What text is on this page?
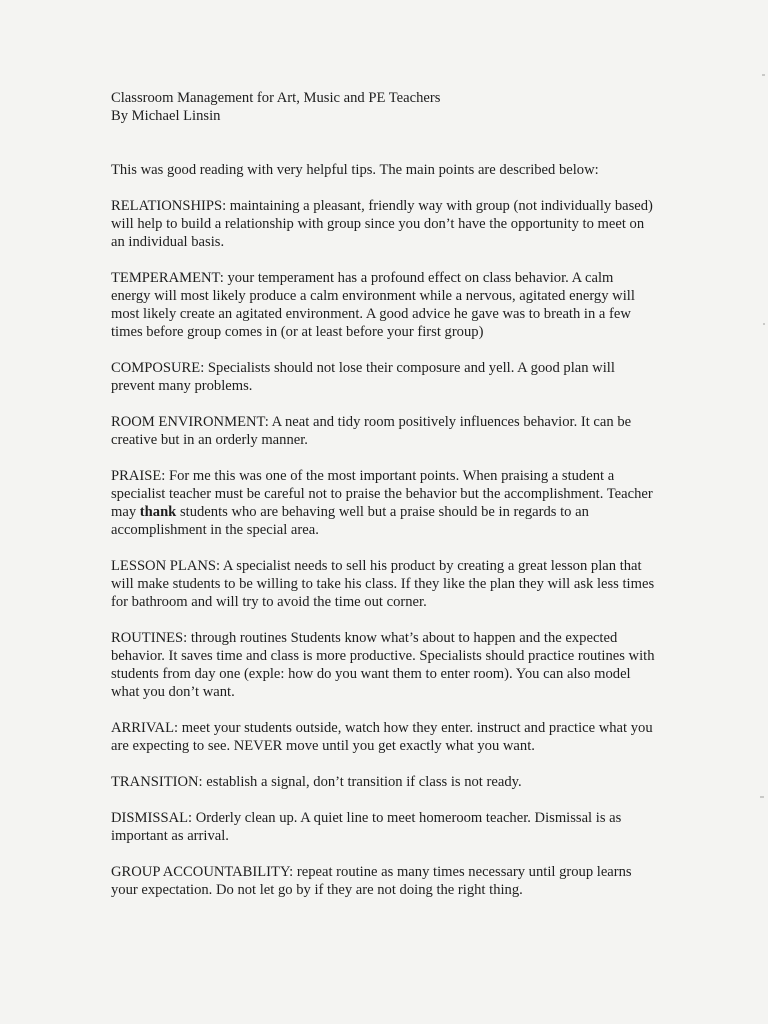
Classroom Management for Art, Music and PE Teachers

By Michael Linsin

This was good reading with very helpful tips. The main points are described below:

RELATIONSHIPS: maintaining a pleasant, friendly way with group (not individually based) will help to build a relationship with group since you don’t have the opportunity to meet on an individual basis.

TEMPERAMENT: your temperament has a profound effect on class behavior. A calm energy will most likely produce a calm environment while a nervous, agitated energy will most likely create an agitated environment. A good advice he gave was to breath in a few times before group comes in (or at least before your first group)

COMPOSURE: Specialists should not lose their composure and yell. A good plan will prevent many problems.

ROOM ENVIRONMENT: A neat and tidy room positively influences behavior. It can be creative but in an orderly manner.

PRAISE: For me this was one of the most important points. When praising a student a specialist teacher must be careful not to praise the behavior but the accomplishment. Teacher may thank students who are behaving well but a praise should be in regards to an accomplishment in the special area.

LESSON PLANS: A specialist needs to sell his product by creating a great lesson plan that will make students to be willing to take his class. If they like the plan they will ask less times for bathroom and will try to avoid the time out corner.

ROUTINES: through routines Students know what’s about to happen and the expected behavior. It saves time and class is more productive. Specialists should practice routines with students from day one (exple: how do you want them to enter room). You can also model what you don’t want.

ARRIVAL: meet your students outside, watch how they enter. instruct and practice what you are expecting to see. NEVER move until you get exactly what you want.

TRANSITION: establish a signal, don’t transition if class is not ready.

DISMISSAL: Orderly clean up. A quiet line to meet homeroom teacher. Dismissal is as important as arrival.

GROUP ACCOUNTABILITY: repeat routine as many times necessary until group learns your expectation. Do not let go by if they are not doing the right thing.
